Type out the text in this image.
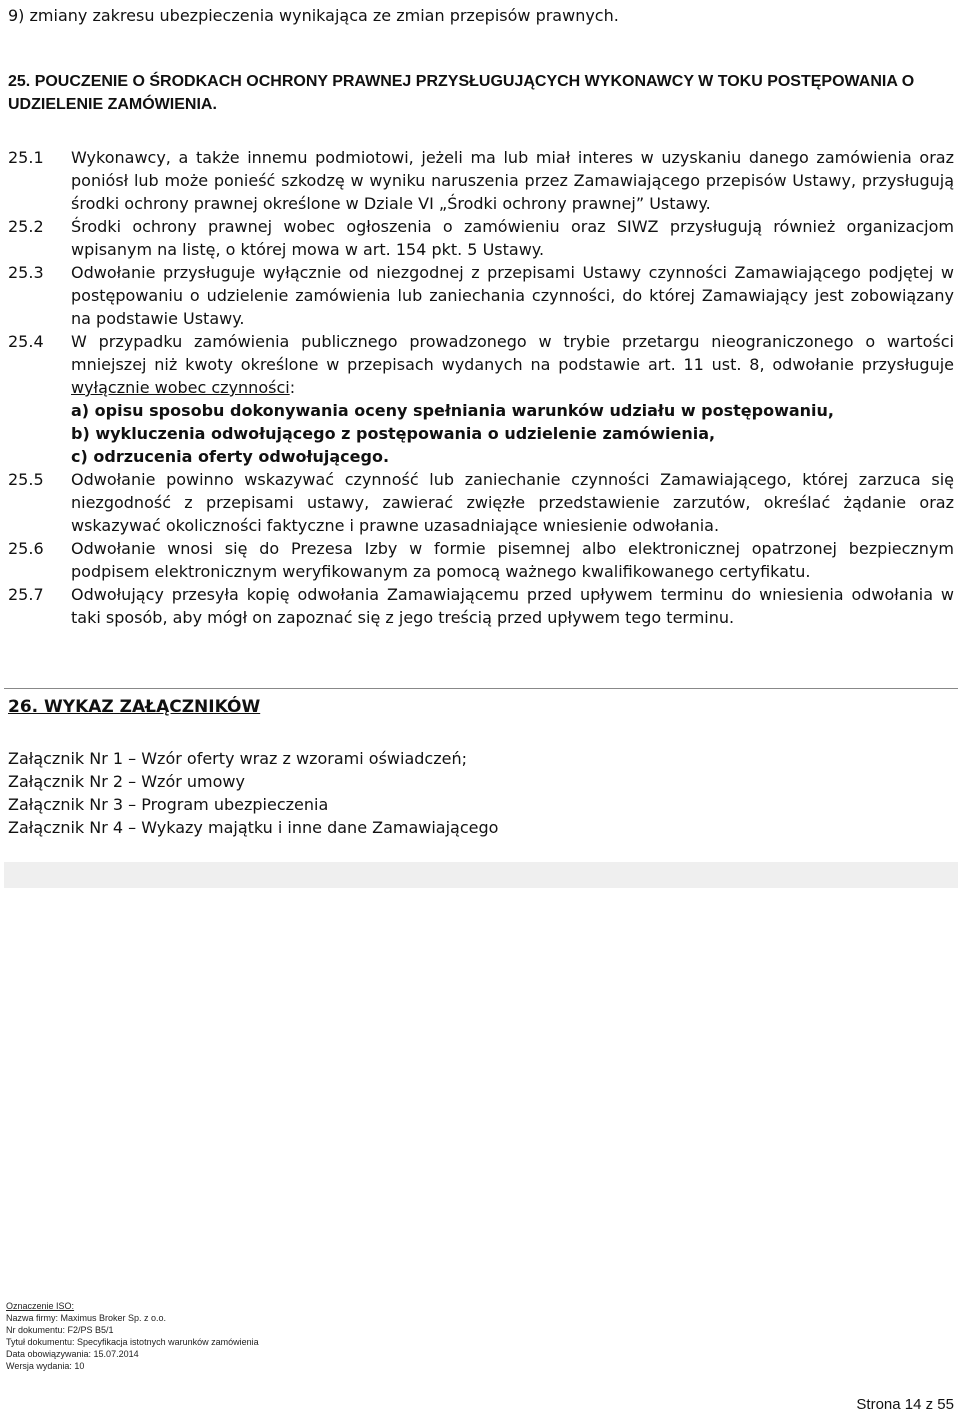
9) zmiany zakresu ubezpieczenia wynikająca ze zmian przepisów prawnych.
25. POUCZENIE O ŚRODKACH OCHRONY PRAWNEJ PRZYSŁUGUJĄCYCH WYKONAWCY W TOKU POSTĘPOWANIA O UDZIELENIE ZAMÓWIENIA.
25.1 Wykonawcy, a także innemu podmiotowi, jeżeli ma lub miał interes w uzyskaniu danego zamówienia oraz poniósł lub może ponieść szkodzę w wyniku naruszenia przez Zamawiającego przepisów Ustawy, przysługują środki ochrony prawnej określone w Dziale VI „Środki ochrony prawnej” Ustawy.
25.2 Środki ochrony prawnej wobec ogłoszenia o zamówieniu oraz SIWZ przysługują również organizacjom wpisanym na listę, o której mowa w art. 154 pkt. 5 Ustawy.
25.3 Odwołanie przysługuje wyłącznie od niezgodnej z przepisami Ustawy czynności Zamawiającego podjętej w postępowaniu o udzielenie zamówienia lub zaniechania czynności, do której Zamawiający jest zobowiązany na podstawie Ustawy.
25.4 W przypadku zamówienia publicznego prowadzonego w trybie przetargu nieograniczonego o wartości mniejszej niż kwoty określone w przepisach wydanych na podstawie art. 11 ust. 8, odwołanie przysługuje wyłącznie wobec czynności:
a) opisu sposobu dokonywania oceny spełniania warunków udziału w postępowaniu,
b) wykluczenia odwołującego z postępowania o udzielenie zamówienia,
c) odrzucenia oferty odwołującego.
25.5 Odwołanie powinno wskazywać czynność lub zaniechanie czynności Zamawiającego, której zarzuca się niezgodność z przepisami ustawy, zawierać zwięzłe przedstawienie zarzutów, określać żądanie oraz wskazywać okoliczności faktyczne i prawne uzasadniające wniesienie odwołania.
25.6 Odwołanie wnosi się do Prezesa Izby w formie pisemnej albo elektronicznej opatrzonej bezpiecznym podpisem elektronicznym weryfikowanym za pomocą ważnego kwalifikowanego certyfikatu.
25.7 Odwołujący przesyła kopię odwołania Zamawiającemu przed upływem terminu do wniesienia odwołania w taki sposób, aby mógł on zapoznać się z jego treścią przed upływem tego terminu.
26. WYKAZ ZAŁĄCZNIKÓW
Załącznik Nr 1 – Wzór oferty wraz z wzorami oświadczeń;
Załącznik Nr 2 – Wzór umowy
Załącznik Nr 3 – Program ubezpieczenia
Załącznik Nr 4 – Wykazy majątku i inne dane Zamawiającego
Oznaczenie ISO:
Nazwa firmy: Maximus Broker Sp. z o.o.
Nr dokumentu: F2/PS B5/1
Tytuł dokumentu: Specyfikacja istotnych warunków zamówienia
Data obowiązywania: 15.07.2014
Wersja wydania: 10
Strona 14 z 55
